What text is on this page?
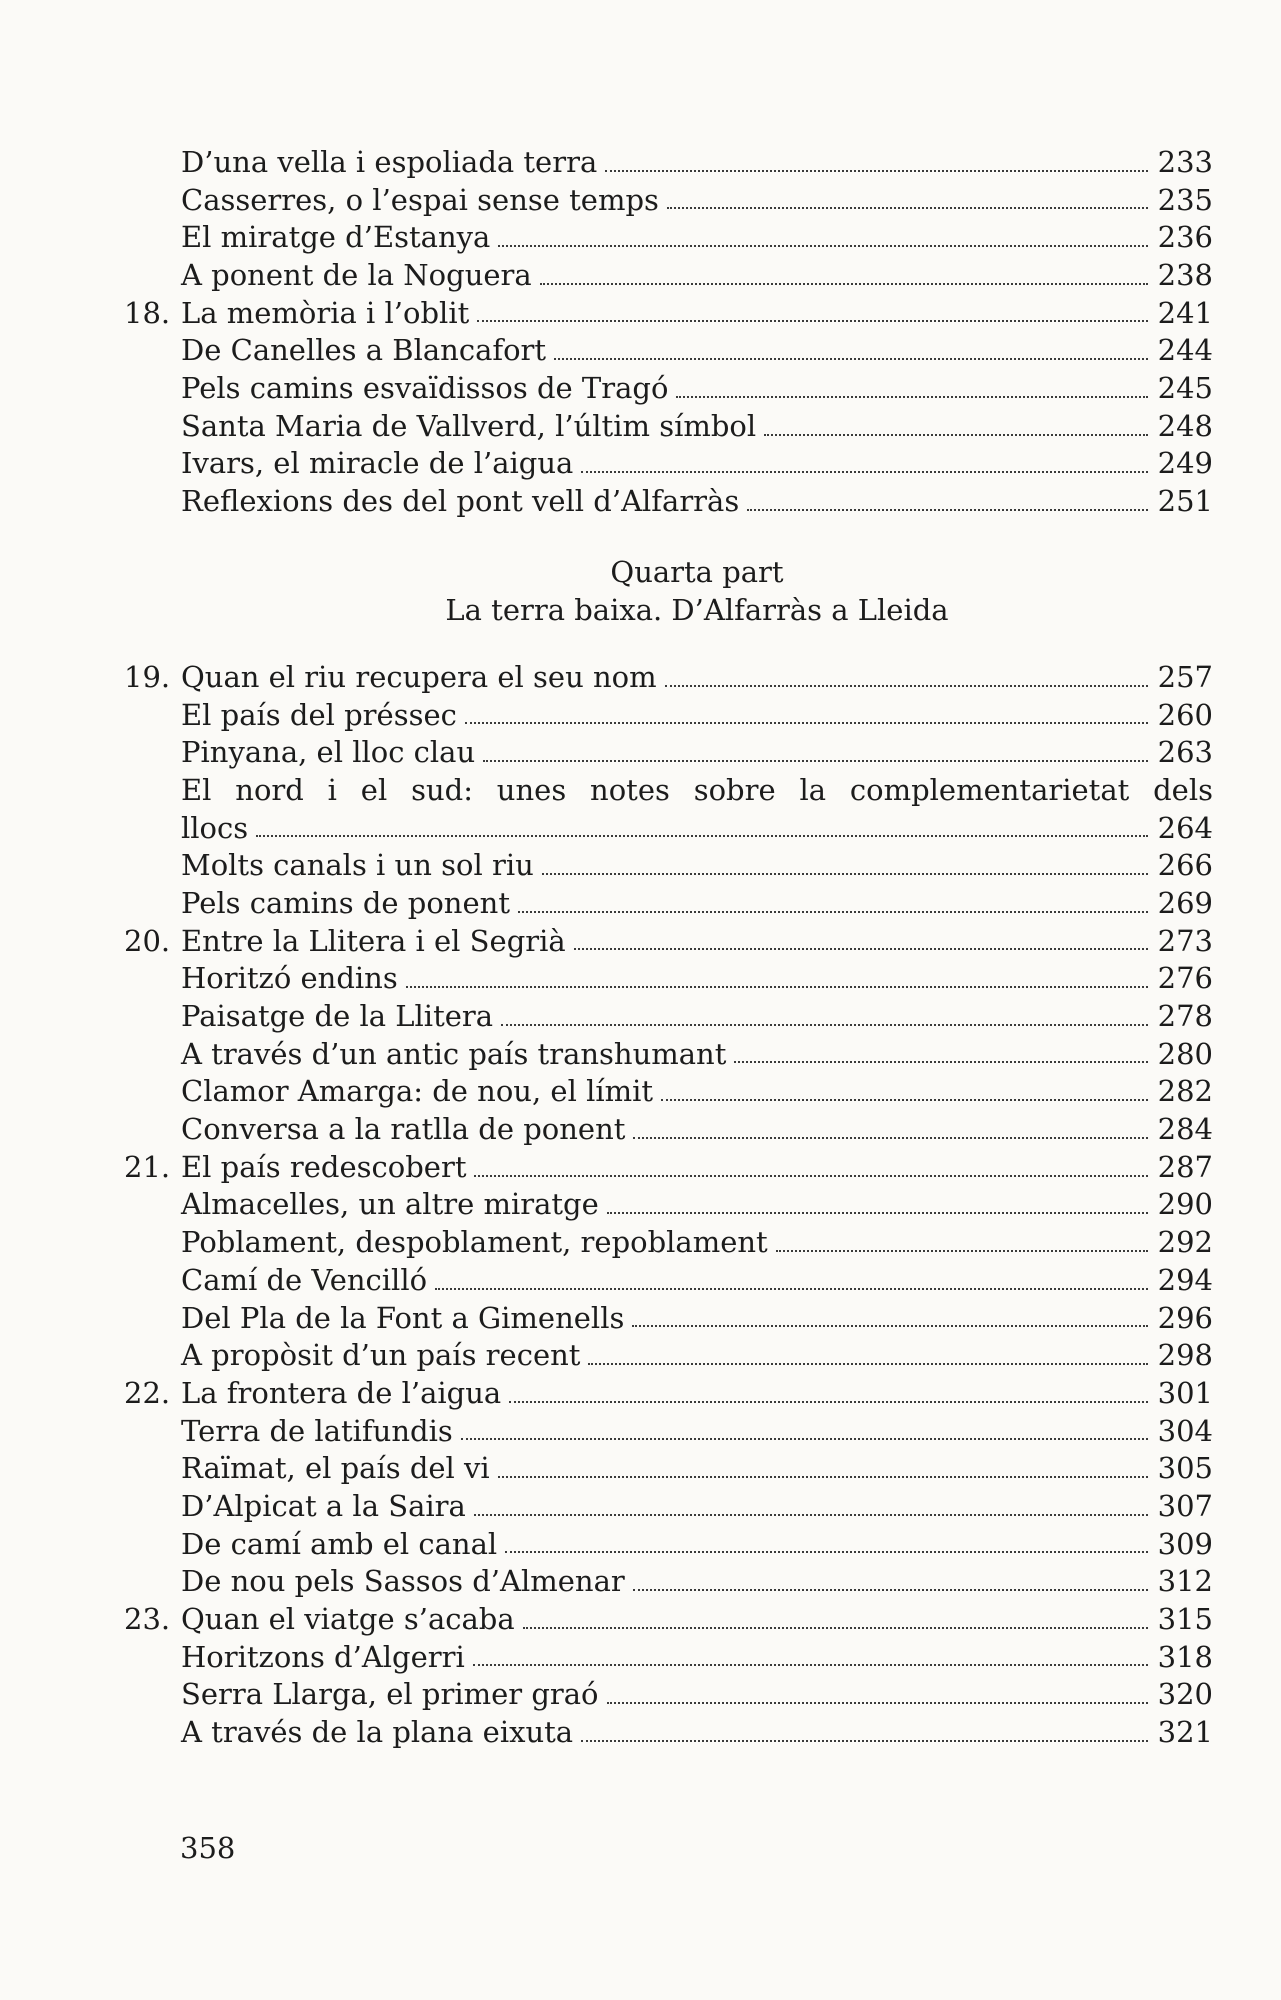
D’una vella i espoliada terra	233
Casserres, o l’espai sense temps	235
El miratge d’Estanya	236
A ponent de la Noguera	238
18. La memòria i l’oblit	241
De Canelles a Blancafort	244
Pels camins esvaïdissos de Tragó	245
Santa Maria de Vallverd, l’últim símbol	248
Ivars, el miracle de l’aigua	249
Reflexions des del pont vell d’Alfarràs	251
Quarta part
La terra baixa. D’Alfarràs a Lleida
19. Quan el riu recupera el seu nom	257
El país del préssec	260
Pinyana, el lloc clau	263
El nord i el sud: unes notes sobre la complementarietat dels
llocs	264
Molts canals i un sol riu	266
Pels camins de ponent	269
20. Entre la Llitera i el Segrià	273
Horitzó endins	276
Paisatge de la Llitera	278
A través d’un antic país transhumant	280
Clamor Amarga: de nou, el límit	282
Conversa a la ratlla de ponent	284
21. El país redescobert	287
Almacelles, un altre miratge	290
Poblament, despoblament, repoblament	292
Camí de Vencilló	294
Del Pla de la Font a Gimenells	296
A propòsit d’un país recent	298
22. La frontera de l’aigua	301
Terra de latifundis	304
Raïmat, el país del vi	305
D’Alpicat a la Saira	307
De camí amb el canal	309
De nou pels Sassos d’Almenar	312
23. Quan el viatge s’acaba	315
Horitzons d’Algerri	318
Serra Llarga, el primer graó	320
A través de la plana eixuta	321
358
